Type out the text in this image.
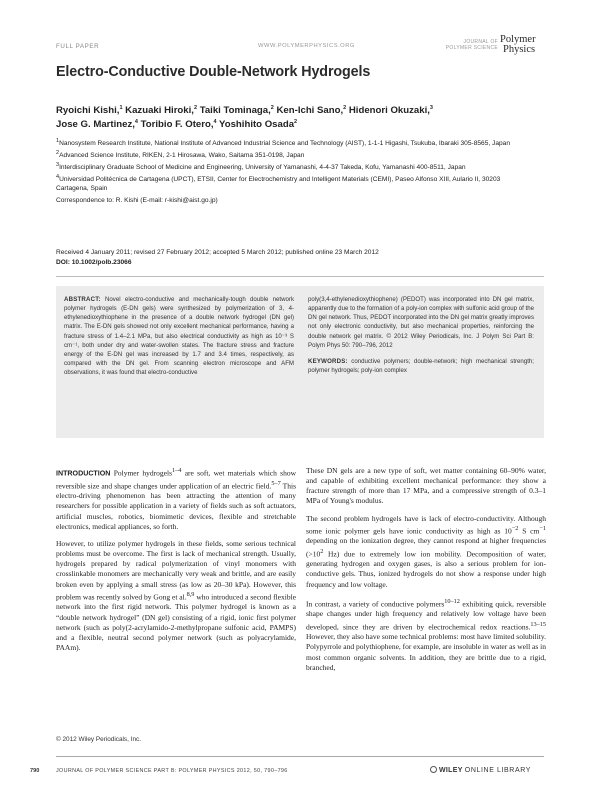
FULL PAPER	WWW.POLYMERPHYSICS.ORG
JOURNAL OF
POLYMER SCIENCE
Polymer
Physics
Electro-Conductive Double-Network Hydrogels
Ryoichi Kishi,$^1$ Kazuaki Hiroki,$^2$ Taiki Tominaga,$^2$ Ken-Ichi Sano,$^2$ Hidenori Okuzaki,$^3$
Jose G. Martinez,$^4$ Toribio F. Otero,$^4$ Yoshihito Osada$^2$
$^1$Nanosystem Research Institute, National Institute of Advanced Industrial Science and Technology (AIST), 1-1-1 Higashi, Tsukuba, Ibaraki 305-8565, Japan
$^2$Advanced Science Institute, RIKEN, 2-1 Hirosawa, Wako, Saitama 351-0198, Japan
$^3$Interdisciplinary Graduate School of Medicine and Engineering, University of Yamanashi, 4-4-37 Takeda, Kofu, Yamanashi 400-8511, Japan
$^4$Universidad Politécnica de Cartagena (UPCT), ETSII, Center for Electrochemistry and Intelligent Materials (CEMI), Paseo Alfonso XIII, Aulario II, 30203 Cartagena, Spain
Correspondence to: R. Kishi (E-mail: r-kishi@aist.go.jp)
Received 4 January 2011; revised 27 February 2012; accepted 5 March 2012; published online 23 March 2012
DOI: 10.1002/polb.23066
ABSTRACT: Novel electro-conductive and mechanically-tough double network polymer hydrogels (E-DN gels) were synthesized by polymerization of 3, 4-ethylenedioxythiophene in the presence of a double network hydrogel (DN gel) matrix. The E-DN gels showed not only excellent mechanical performance, having a fracture stress of 1.4–2.1 MPa, but also electrical conductivity as high as 10⁻³ S cm⁻¹, both under dry and water-swollen states. The fracture stress and fracture energy of the E-DN gel was increased by 1.7 and 3.4 times, respectively, as compared with the DN gel. From scanning electron microscope and AFM observations, it was found that electro-conductive
poly(3,4-ethylenedioxythiophene) (PEDOT) was incorporated into DN gel matrix, apparently due to the formation of a poly-ion complex with sulfonic acid group of the DN gel network. Thus, PEDOT incorporated into the DN gel matrix greatly improves not only electronic conductivity, but also mechanical properties, reinforcing the double network gel matrix. © 2012 Wiley Periodicals, Inc. J Polym Sci Part B: Polym Phys 50: 790–796, 2012
KEYWORDS: conductive polymers; double-network; high mechanical strength; polymer hydrogels; poly-ion complex

INTRODUCTION Polymer hydrogels$^{1-4}$ are soft, wet materials which show reversible size and shape changes under application of an electric field.$^{5-7}$ This electro-driving phenomenon has been attracting the attention of many researchers for possible application in a variety of fields such as soft actuators, artificial muscles, robotics, biomimetic devices, flexible and stretchable electronics, medical appliances, so forth.

However, to utilize polymer hydrogels in these fields, some serious technical problems must be overcome. The first is lack of mechanical strength. Usually, hydrogels prepared by radical polymerization of vinyl monomers with crosslinkable monomers are mechanically very weak and brittle, and are easily broken even by applying a small stress (as low as 20–30 kPa). However, this problem was recently solved by Gong et al.$^{8,9}$ who introduced a second flexible network into the first rigid network. This polymer hydrogel is known as a “double network hydrogel” (DN gel) consisting of a rigid, ionic first polymer network (such as poly(2-acrylamido-2-methylpropane sulfonic acid, PAMPS) and a flexible, neutral second polymer network (such as polyacrylamide, PAAm).

These DN gels are a new type of soft, wet matter containing 60–90% water, and capable of exhibiting excellent mechanical performance: they show a fracture strength of more than 17 MPa, and a compressive strength of 0.3–1 MPa of Young's modulus.

The second problem hydrogels have is lack of electro-conductivity. Although some ionic polymer gels have ionic conductivity as high as $10^{-2}$ S $cm^{-1}$ depending on the ionization degree, they cannot respond at higher frequencies ($>10^2$ Hz) due to extremely low ion mobility. Decomposition of water, generating hydrogen and oxygen gases, is also a serious problem for ion-conductive gels. Thus, ionized hydrogels do not show a response under high frequency and low voltage.

In contrast, a variety of conductive polymers$^{10-12}$ exhibiting quick, reversible shape changes under high frequency and relatively low voltage have been developed, since they are driven by electrochemical redox reactions.$^{13-15}$ However, they also have some technical problems: most have limited solubility. Polypyrrole and polythiophene, for example, are insoluble in water as well as in most common organic solvents. In addition, they are brittle due to a rigid, branched,

© 2012 Wiley Periodicals, Inc.
790	JOURNAL OF POLYMER SCIENCE PART B: POLYMER PHYSICS 2012, 50, 790–796	WILEY ONLINE LIBRARY
